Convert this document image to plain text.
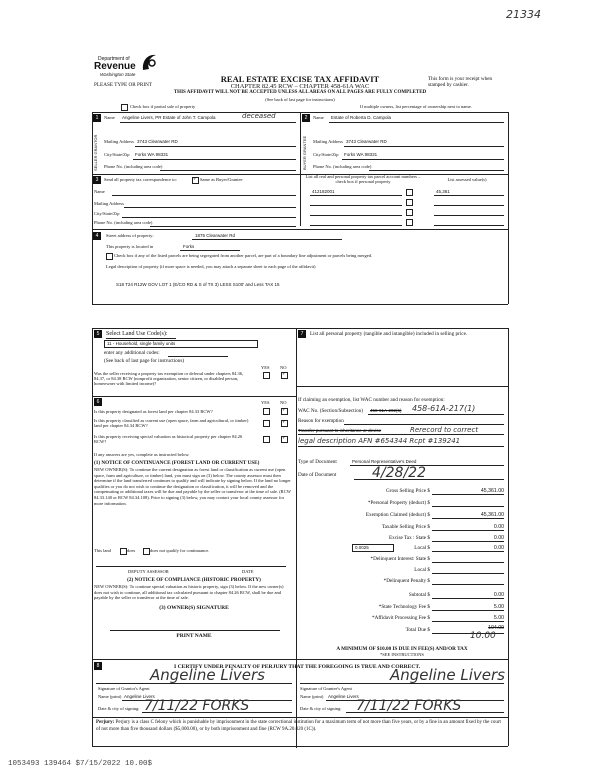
21334
Department of
Revenue
Washington State
PLEASE TYPE OR PRINT
REAL ESTATE EXCISE TAX AFFIDAVIT
CHAPTER 82.45 RCW – CHAPTER 458-61A WAC
THIS AFFIDAVIT WILL NOT BE ACCEPTED UNLESS ALL AREAS ON ALL PAGES ARE FULLY COMPLETED
(See back of last page for instructions)
This form is your receipt when stamped by cashier.
Check box if partial sale of property	If multiple owners, list percentage of ownership next to name.
1
SELLER GRANTOR
Name Angeline Livers, PR Estate of John T. Campola	deceased
Mailing Address 3743 Clearwater RD
City/State/Zip Forks WA 98331
Phone No. (including area code)
2
BUYER GRANTEE
Name Estate of Roberta D. Campola
Mailing Address 3743 Clearwater RD
City/State/Zip Forks WA 98331
Phone No. (including area code)
3	Send all property tax correspondence to:
✓	Same as Buyer/Grantee
Name
Mailing Address
City/State/Zip
Phone No. (including area code)
List all real and personal property tax parcel account numbers – check box if personal property	List assessed value(s)
412182001	45,361
4	Street address of property:	1875 Clearwater Rd
This property is located in	Forks
Check box if any of the listed parcels are being segregated from another parcel, are part of a boundary line adjustment or parcels being merged.
Legal description of property (if more space is needed, you may attach a separate sheet to each page of the affidavit)
S18 T24 R12W GOV LOT 1 (E/CO RD & S of TX 3) LESS S100' and Less TAX 15
5	Select Land Use Code(s):
11 - Household, single family units
enter any additional codes:
(See back of last page for instructions)
YES NO
Was the seller receiving a property tax exemption or deferral under chapters 84.36, 84.37, or 84.38 RCW (nonprofit organization, senior citizen, or disabled person, homeowner with limited income)?
✓
6	YES NO
Is this property designated as forest land per chapter 84.33 RCW?
✓
Is this property classified as current use (open space, farm and agricultural, or timber) land per chapter 84.34 RCW?
✓
Is this property receiving special valuation as historical property per chapter 84.26 RCW?
✓
If any answers are yes, complete as instructed below.
(1) NOTICE OF CONTINUANCE (FOREST LAND OR CURRENT USE)
NEW OWNER(S): To continue the current designation as forest land or classification as current use (open space, farm and agriculture, or timber) land, you must sign on (3) below. The county assessor must then determine if the land transferred continues to qualify and will indicate by signing below. If the land no longer qualifies or you do not wish to continue the designation or classification, it will be removed and the compensating or additional taxes will be due and payable by the seller or transferor at the time of sale. (RCW 84.33.140 or RCW 84.34.108). Prior to signing (3) below, you may contact your local county assessor for more information.
This land	does	does not qualify for continuance.
DEPUTY ASSESSOR	DATE
(2) NOTICE OF COMPLIANCE (HISTORIC PROPERTY)
NEW OWNER(S): To continue special valuation as historic property, sign (3) below. If the new owner(s) does not wish to continue, all additional tax calculated pursuant to chapter 84.26 RCW, shall be due and payable by the seller or transferor at the time of sale.
(3) OWNER(S) SIGNATURE
PRINT NAME
7	List all personal property (tangible and intangible) included in selling price.
If claiming an exemption, list WAC number and reason for exemption:
WAC No. (Section/Subsection) 458-61A-202(6) 458-61A-217(1)
Reason for exemption
Transfer pursuant to inheritance or devise	Rerecord to correct
legal description AFN #654344 Rcpt #139241
Type of Document	Personal Representative's Deed
Date of Document	4/28/22
Gross Selling Price $	45,361.00
*Personal Property (deduct) $
Exemption Claimed (deduct) $	45,361.00
Taxable Selling Price $	0.00
Excise Tax : State $	0.00
0.0025	Local $	0.00
*Delinquent Interest: State $
Local $
*Delinquent Penalty $
Subtotal $	0.00
*State Technology Fee $	5.00
*Affidavit Processing Fee $	5.00
Total Due $	104.00
10.00
A MINIMUM OF $10.00 IS DUE IN FEE(S) AND/OR TAX
*SEE INSTRUCTIONS
8	I CERTIFY UNDER PENALTY OF PERJURY THAT THE FOREGOING IS TRUE AND CORRECT.
Angeline Livers
Signature of Grantor's Agent
Name (print) Angeline Livers
Date & city of signing: 7/11/22 FORKS
Angeline Livers
Signature of Grantee's Agent
Name (print) Angeline Livers
Date & city of signing: 7/11/22 FORKS
Perjury: Perjury is a class C felony which is punishable by imprisonment in the state correctional institution for a maximum term of not more than five years, or by a fine in an amount fixed by the court of not more than five thousand dollars ($5,000.00), or by both imprisonment and fine (RCW 9A.20.020 (1C)).
1053493 139464 $7/15/2022 10.00$
